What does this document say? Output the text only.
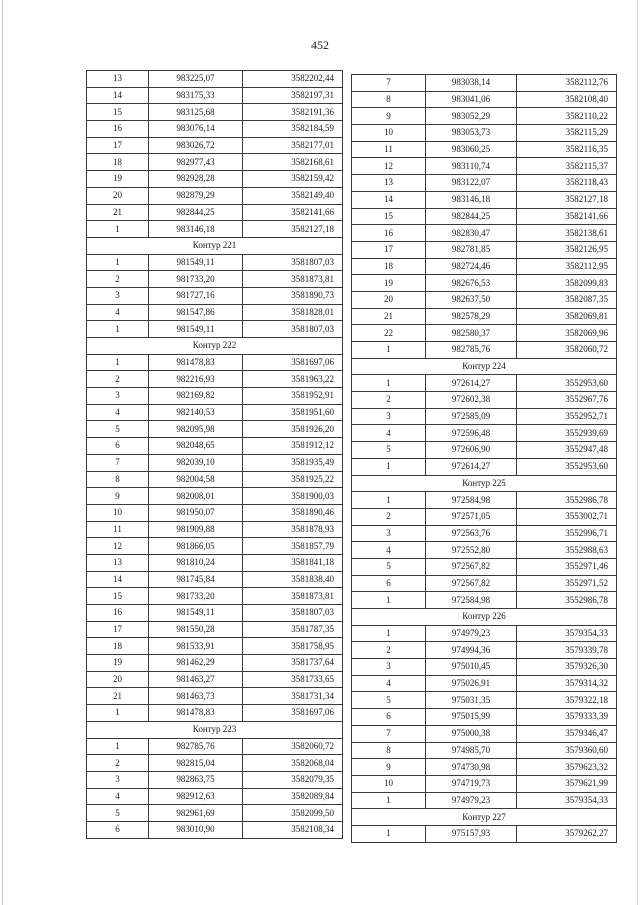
452
13	983225,07	3582202,44
14	983175,33	3582197,31
15	983125,68	3582191,36
16	983076,14	3582184,59
17	983026,72	3582177,01
18	982977,43	3582168,61
19	982928,28	3582159,42
20	982879,29	3582149,40
21	982844,25	3582141,66
1	983146,18	3582127,18
Контур 221		
1	981549,11	3581807,03
2	981733,20	3581873,81
3	981727,16	3581890,73
4	981547,86	3581828,01
1	981549,11	3581807,03
Контур 222		
1	981478,83	3581697,06
2	982216,93	3581963,22
3	982169,82	3581952,91
4	982140,53	3581951,60
5	982095,98	3581926,20
6	982048,65	3581912,12
7	982039,10	3581935,49
8	982004,58	3581925,22
9	982008,01	3581900,03
10	981950,07	3581890,46
11	981909,88	3581878,93
12	981866,05	3581857,79
13	981810,24	3581841,18
14	981745,84	3581838,40
15	981733,20	3581873,81
16	981549,11	3581807,03
17	981550,28	3581787,35
18	981533,91	3581758,95
19	981462,29	3581737,64
20	981463,27	3581733,65
21	981463,73	3581731,34
1	981478,83	3581697,06
Контур 223		
1	982785,76	3582060,72
2	982815,04	3582068,04
3	982863,75	3582079,35
4	982912,63	3582089,84
5	982961,69	3582099,50
6	983010,90	3582108,34
7	983038,14	3582112,76
8	983041,06	3582108,40
9	983052,29	3582110,22
10	983053,73	3582115,29
11	983060,25	3582116,35
12	983110,74	3582115,37
13	983122,07	3582118,43
14	983146,18	3582127,18
15	982844,25	3582141,66
16	982830,47	3582138,61
17	982781,85	3582126,95
18	982724,46	3582112,95
19	982676,53	3582099,83
20	982637,50	3582087,35
21	982578,29	3582069,81
22	982580,37	3582069,96
1	982785,76	3582060,72
Контур 224		
1	972614,27	3552953,60
2	972602,38	3552967,76
3	972585,09	3552952,71
4	972596,48	3552939,69
5	972606,90	3552947,48
1	972614,27	3552953,60
Контур 225		
1	972584,98	3552986,78
2	972571,05	3553002,71
3	972563,76	3552996,71
4	972552,80	3552988,63
5	972567,82	3552971,46
6	972567,82	3552971,52
1	972584,98	3552986,78
Контур 226		
1	974979,23	3579354,33
2	974994,36	3579339,78
3	975010,45	3579326,30
4	975026,91	3579314,32
5	975031,35	3579322,18
6	975015,99	3579333,39
7	975000,38	3579346,47
8	974985,70	3579360,60
9	974730,98	3579623,32
10	974719,73	3579621,99
1	974979,23	3579354,33
Контур 227		
1	975157,93	3579262,27
